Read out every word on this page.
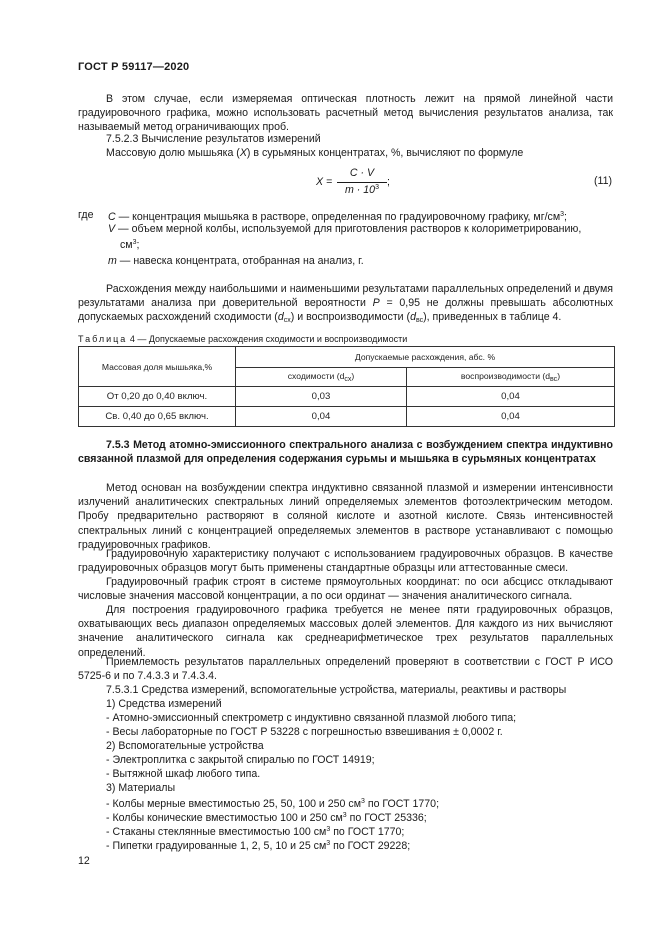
ГОСТ Р 59117—2020
В этом случае, если измеряемая оптическая плотность лежит на прямой линейной части градуировочного графика, можно использовать расчетный метод вычисления результатов анализа, так называемый метод ограничивающих проб.
7.5.2.3 Вычисление результатов измерений
Массовую долю мышьяка (X) в сурьмяных концентратах, %, вычисляют по формуле
X =
C · V
$m \cdot 10^3$ ;	(11)
где C — концентрация мышьяка в растворе, определенная по градуировочному графику, $мг/см^3$;
V — объем мерной колбы, используемой для приготовления растворов к колориметрированию,
$см^3$;
m — навеска концентрата, отобранная на анализ, г.
Расхождения между наибольшими и наименьшими результатами параллельных определений и двумя результатами анализа при доверительной вероятности P = 0,95 не должны превышать абсолютных допускаемых расхождений сходимости $(d_{сх})$ и воспроизводимости $(d_{вс})$, приведенных в таблице 4.
Таблица 4 — Допускаемые расхождения сходимости и воспроизводимости
Массовая доля мышьяка,%	Допускаемые расхождения, абс. %	
	сходимости $(d_{сх})$	воспроизводимости $(d_{вс})$
От 0,20 до 0,40 включ.	0,03	0,04
Св. 0,40 до 0,65 включ.	0,04	0,04
7.5.3 Метод атомно-эмиссионного спектрального анализа с возбуждением спектра индуктивно связанной плазмой для определения содержания сурьмы и мышьяка в сурьмяных концентратах
Метод основан на возбуждении спектра индуктивно связанной плазмой и измерении интенсивности излучений аналитических спектральных линий определяемых элементов фотоэлектрическим методом. Пробу предварительно растворяют в соляной кислоте и азотной кислоте. Связь интенсивностей спектральных линий с концентрацией определяемых элементов в растворе устанавливают с помощью градуировочных графиков.
Градуировочную характеристику получают с использованием градуировочных образцов. В качестве градуировочных образцов могут быть применены стандартные образцы или аттестованные смеси.
Градуировочный график строят в системе прямоугольных координат: по оси абсцисс откладывают числовые значения массовой концентрации, а по оси ординат — значения аналитического сигнала.
Для построения градуировочного графика требуется не менее пяти градуировочных образцов, охватывающих весь диапазон определяемых массовых долей элементов. Для каждого из них вычисляют значение аналитического сигнала как среднеарифметическое трех результатов параллельных определений.
Приемлемость результатов параллельных определений проверяют в соответствии с ГОСТ Р ИСО 5725-6 и по 7.4.3.3 и 7.4.3.4.
7.5.3.1 Средства измерений, вспомогательные устройства, материалы, реактивы и растворы
1) Средства измерений
- Атомно-эмиссионный спектрометр с индуктивно связанной плазмой любого типа;
- Весы лабораторные по ГОСТ Р 53228 с погрешностью взвешивания ± 0,0002 г.
2) Вспомогательные устройства
- Электроплитка с закрытой спиралью по ГОСТ 14919;
- Вытяжной шкаф любого типа.
3) Материалы
- Колбы мерные вместимостью 25, 50, 100 и 250 $см^3$ по ГОСТ 1770;
- Колбы конические вместимостью 100 и 250 $см^3$ по ГОСТ 25336;
- Стаканы стеклянные вместимостью 100 $см^3$ по ГОСТ 1770;
- Пипетки градуированные 1, 2, 5, 10 и 25 $см^3$ по ГОСТ 29228;
12
